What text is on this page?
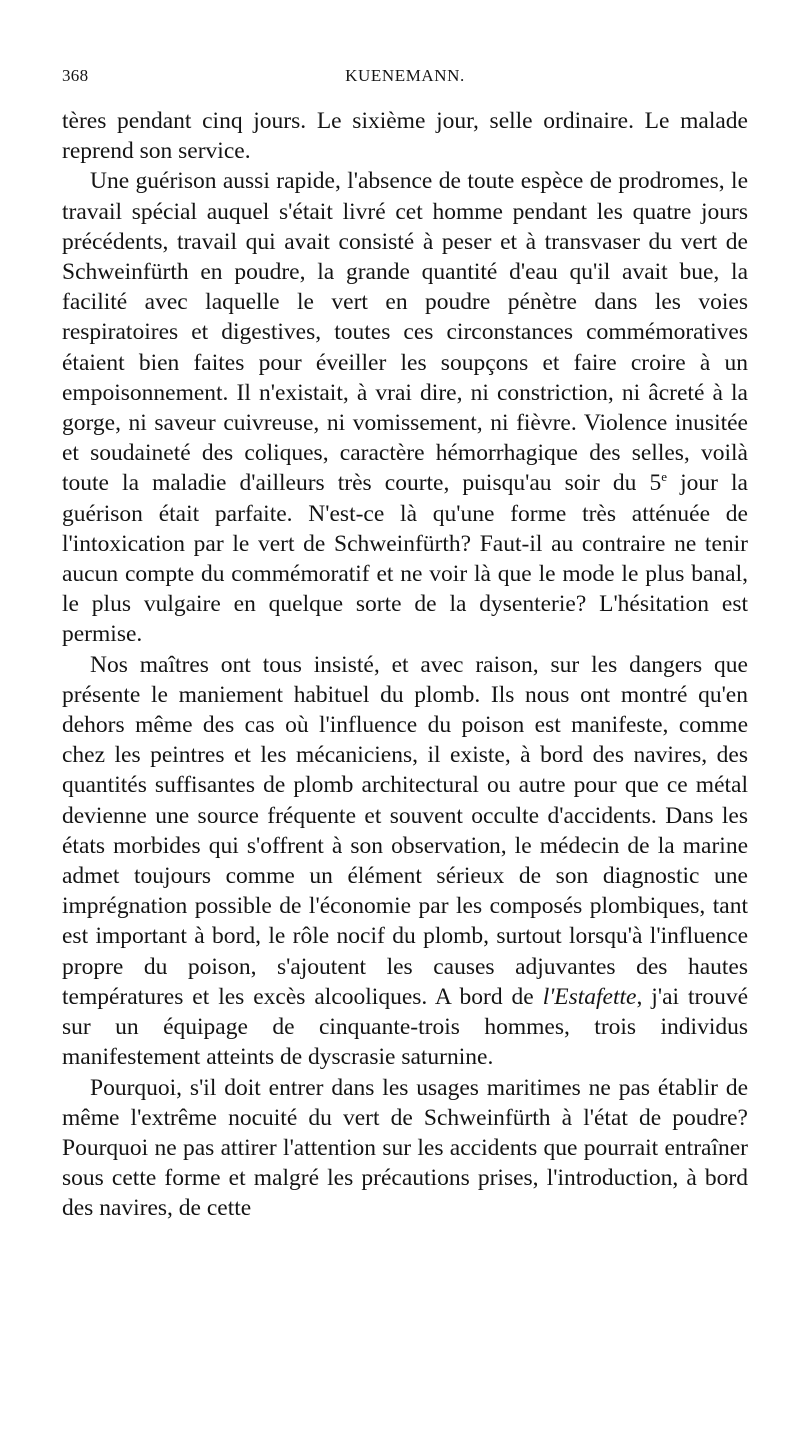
368	KUENEMANN.

tères pendant cinq jours. Le sixième jour, selle ordinaire. Le malade reprend son service.

Une guérison aussi rapide, l'absence de toute espèce de prodromes, le travail spécial auquel s'était livré cet homme pendant les quatre jours précédents, travail qui avait consisté à peser et à transvaser du vert de Schweinfürth en poudre, la grande quantité d'eau qu'il avait bue, la facilité avec laquelle le vert en poudre pénètre dans les voies respiratoires et digestives, toutes ces circonstances commémoratives étaient bien faites pour éveiller les soupçons et faire croire à un empoisonnement. Il n'existait, à vrai dire, ni constriction, ni âcreté à la gorge, ni saveur cuivreuse, ni vomissement, ni fièvre. Violence inusitée et soudaineté des coliques, caractère hémorrhagique des selles, voilà toute la maladie d'ailleurs très courte, puisqu'au soir du 5e jour la guérison était parfaite. N'est-ce là qu'une forme très atténuée de l'intoxication par le vert de Schweinfürth? Faut-il au contraire ne tenir aucun compte du commémoratif et ne voir là que le mode le plus banal, le plus vulgaire en quelque sorte de la dysenterie? L'hésitation est permise.

Nos maîtres ont tous insisté, et avec raison, sur les dangers que présente le maniement habituel du plomb. Ils nous ont montré qu'en dehors même des cas où l'influence du poison est manifeste, comme chez les peintres et les mécaniciens, il existe, à bord des navires, des quantités suffisantes de plomb architectural ou autre pour que ce métal devienne une source fréquente et souvent occulte d'accidents. Dans les états morbides qui s'offrent à son observation, le médecin de la marine admet toujours comme un élément sérieux de son diagnostic une imprégnation possible de l'économie par les composés plombiques, tant est important à bord, le rôle nocif du plomb, surtout lorsqu'à l'influence propre du poison, s'ajoutent les causes adjuvantes des hautes températures et les excès alcooliques. A bord de l'Estafette, j'ai trouvé sur un équipage de cinquante-trois hommes, trois individus manifestement atteints de dyscrasie saturnine.

Pourquoi, s'il doit entrer dans les usages maritimes ne pas établir de même l'extrême nocuité du vert de Schweinfürth à l'état de poudre? Pourquoi ne pas attirer l'attention sur les accidents que pourrait entraîner sous cette forme et malgré les précautions prises, l'introduction, à bord des navires, de cette
